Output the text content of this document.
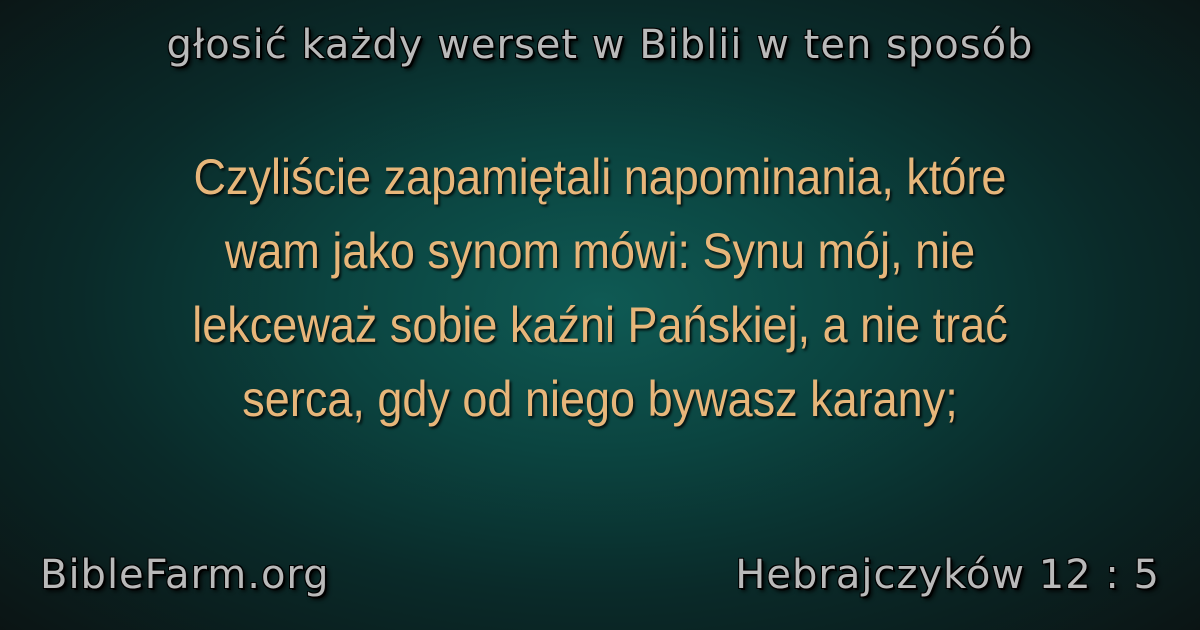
głosić każdy werset w Biblii w ten sposób
Czyliście zapamiętali napominania, które
wam jako synom mówi: Synu mój, nie
lekceważ sobie kaźni Pańskiej, a nie trać
serca, gdy od niego bywasz karany;
BibleFarm.org	Hebrajczyków 12 : 5
